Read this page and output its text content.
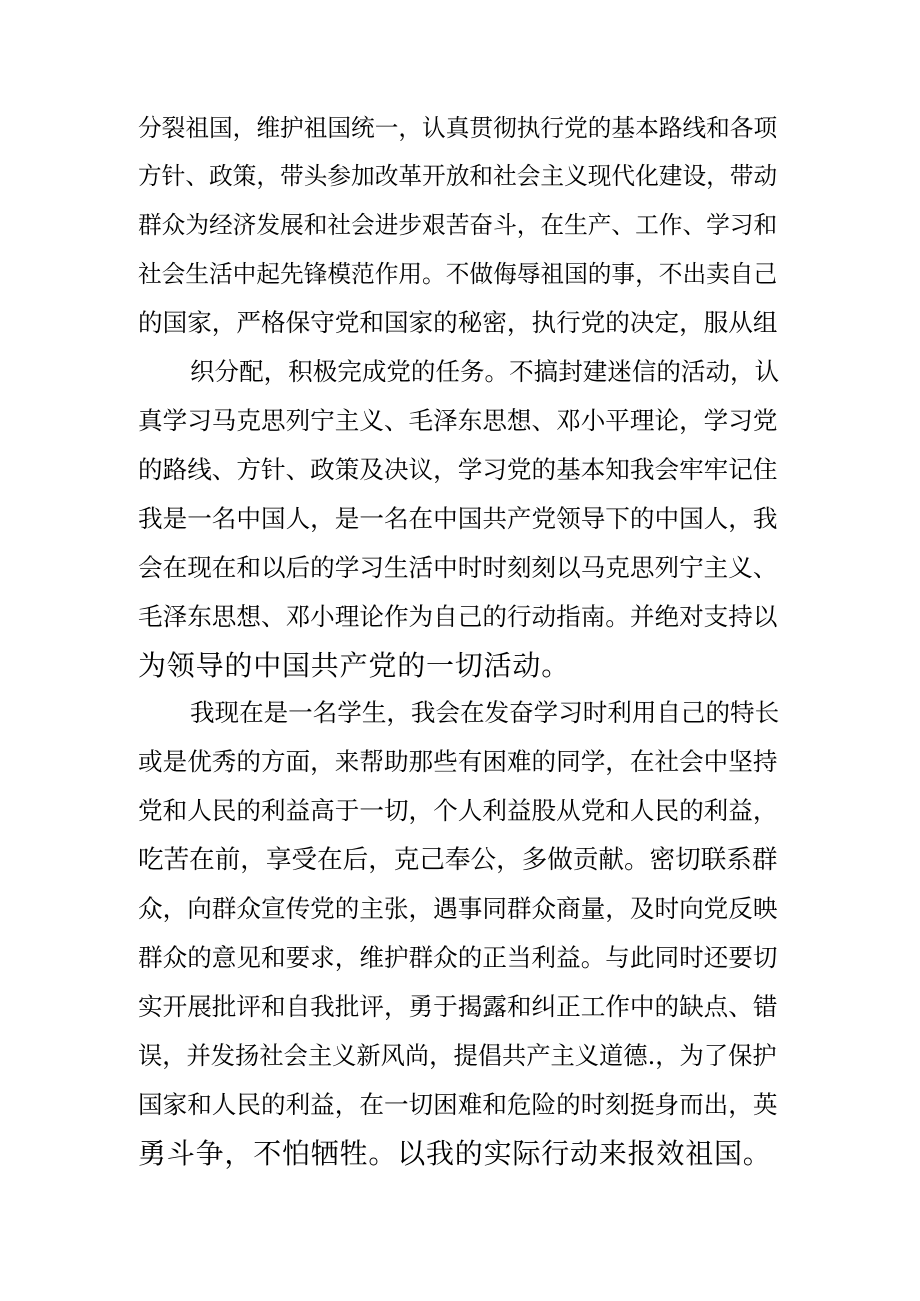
分裂祖国，维护祖国统一，认真贯彻执行党的基本路线和各项
方针、政策，带头参加改革开放和社会主义现代化建设，带动
群众为经济发展和社会进步艰苦奋斗，在生产、工作、学习和
社会生活中起先锋模范作用。不做侮辱祖国的事，不出卖自己
的国家，严格保守党和国家的秘密，执行党的决定，服从组
织分配，积极完成党的任务。不搞封建迷信的活动，认
真学习马克思列宁主义、毛泽东思想、邓小平理论，学习党
的路线、方针、政策及决议，学习党的基本知我会牢牢记住
我是一名中国人，是一名在中国共产党领导下的中国人，我
会在现在和以后的学习生活中时时刻刻以马克思列宁主义、
毛泽东思想、邓小理论作为自己的行动指南。并绝对支持以
为领导的中国共产党的一切活动。
我现在是一名学生，我会在发奋学习时利用自己的特长
或是优秀的方面，来帮助那些有困难的同学，在社会中坚持
党和人民的利益高于一切，个人利益股从党和人民的利益，
吃苦在前，享受在后，克己奉公，多做贡献。密切联系群
众，向群众宣传党的主张，遇事同群众商量，及时向党反映
群众的意见和要求，维护群众的正当利益。与此同时还要切
实开展批评和自我批评，勇于揭露和纠正工作中的缺点、错
误，并发扬社会主义新风尚，提倡共产主义道德.，为了保护
国家和人民的利益，在一切困难和危险的时刻挺身而出，英
勇斗争，不怕牺牲。以我的实际行动来报效祖国。
